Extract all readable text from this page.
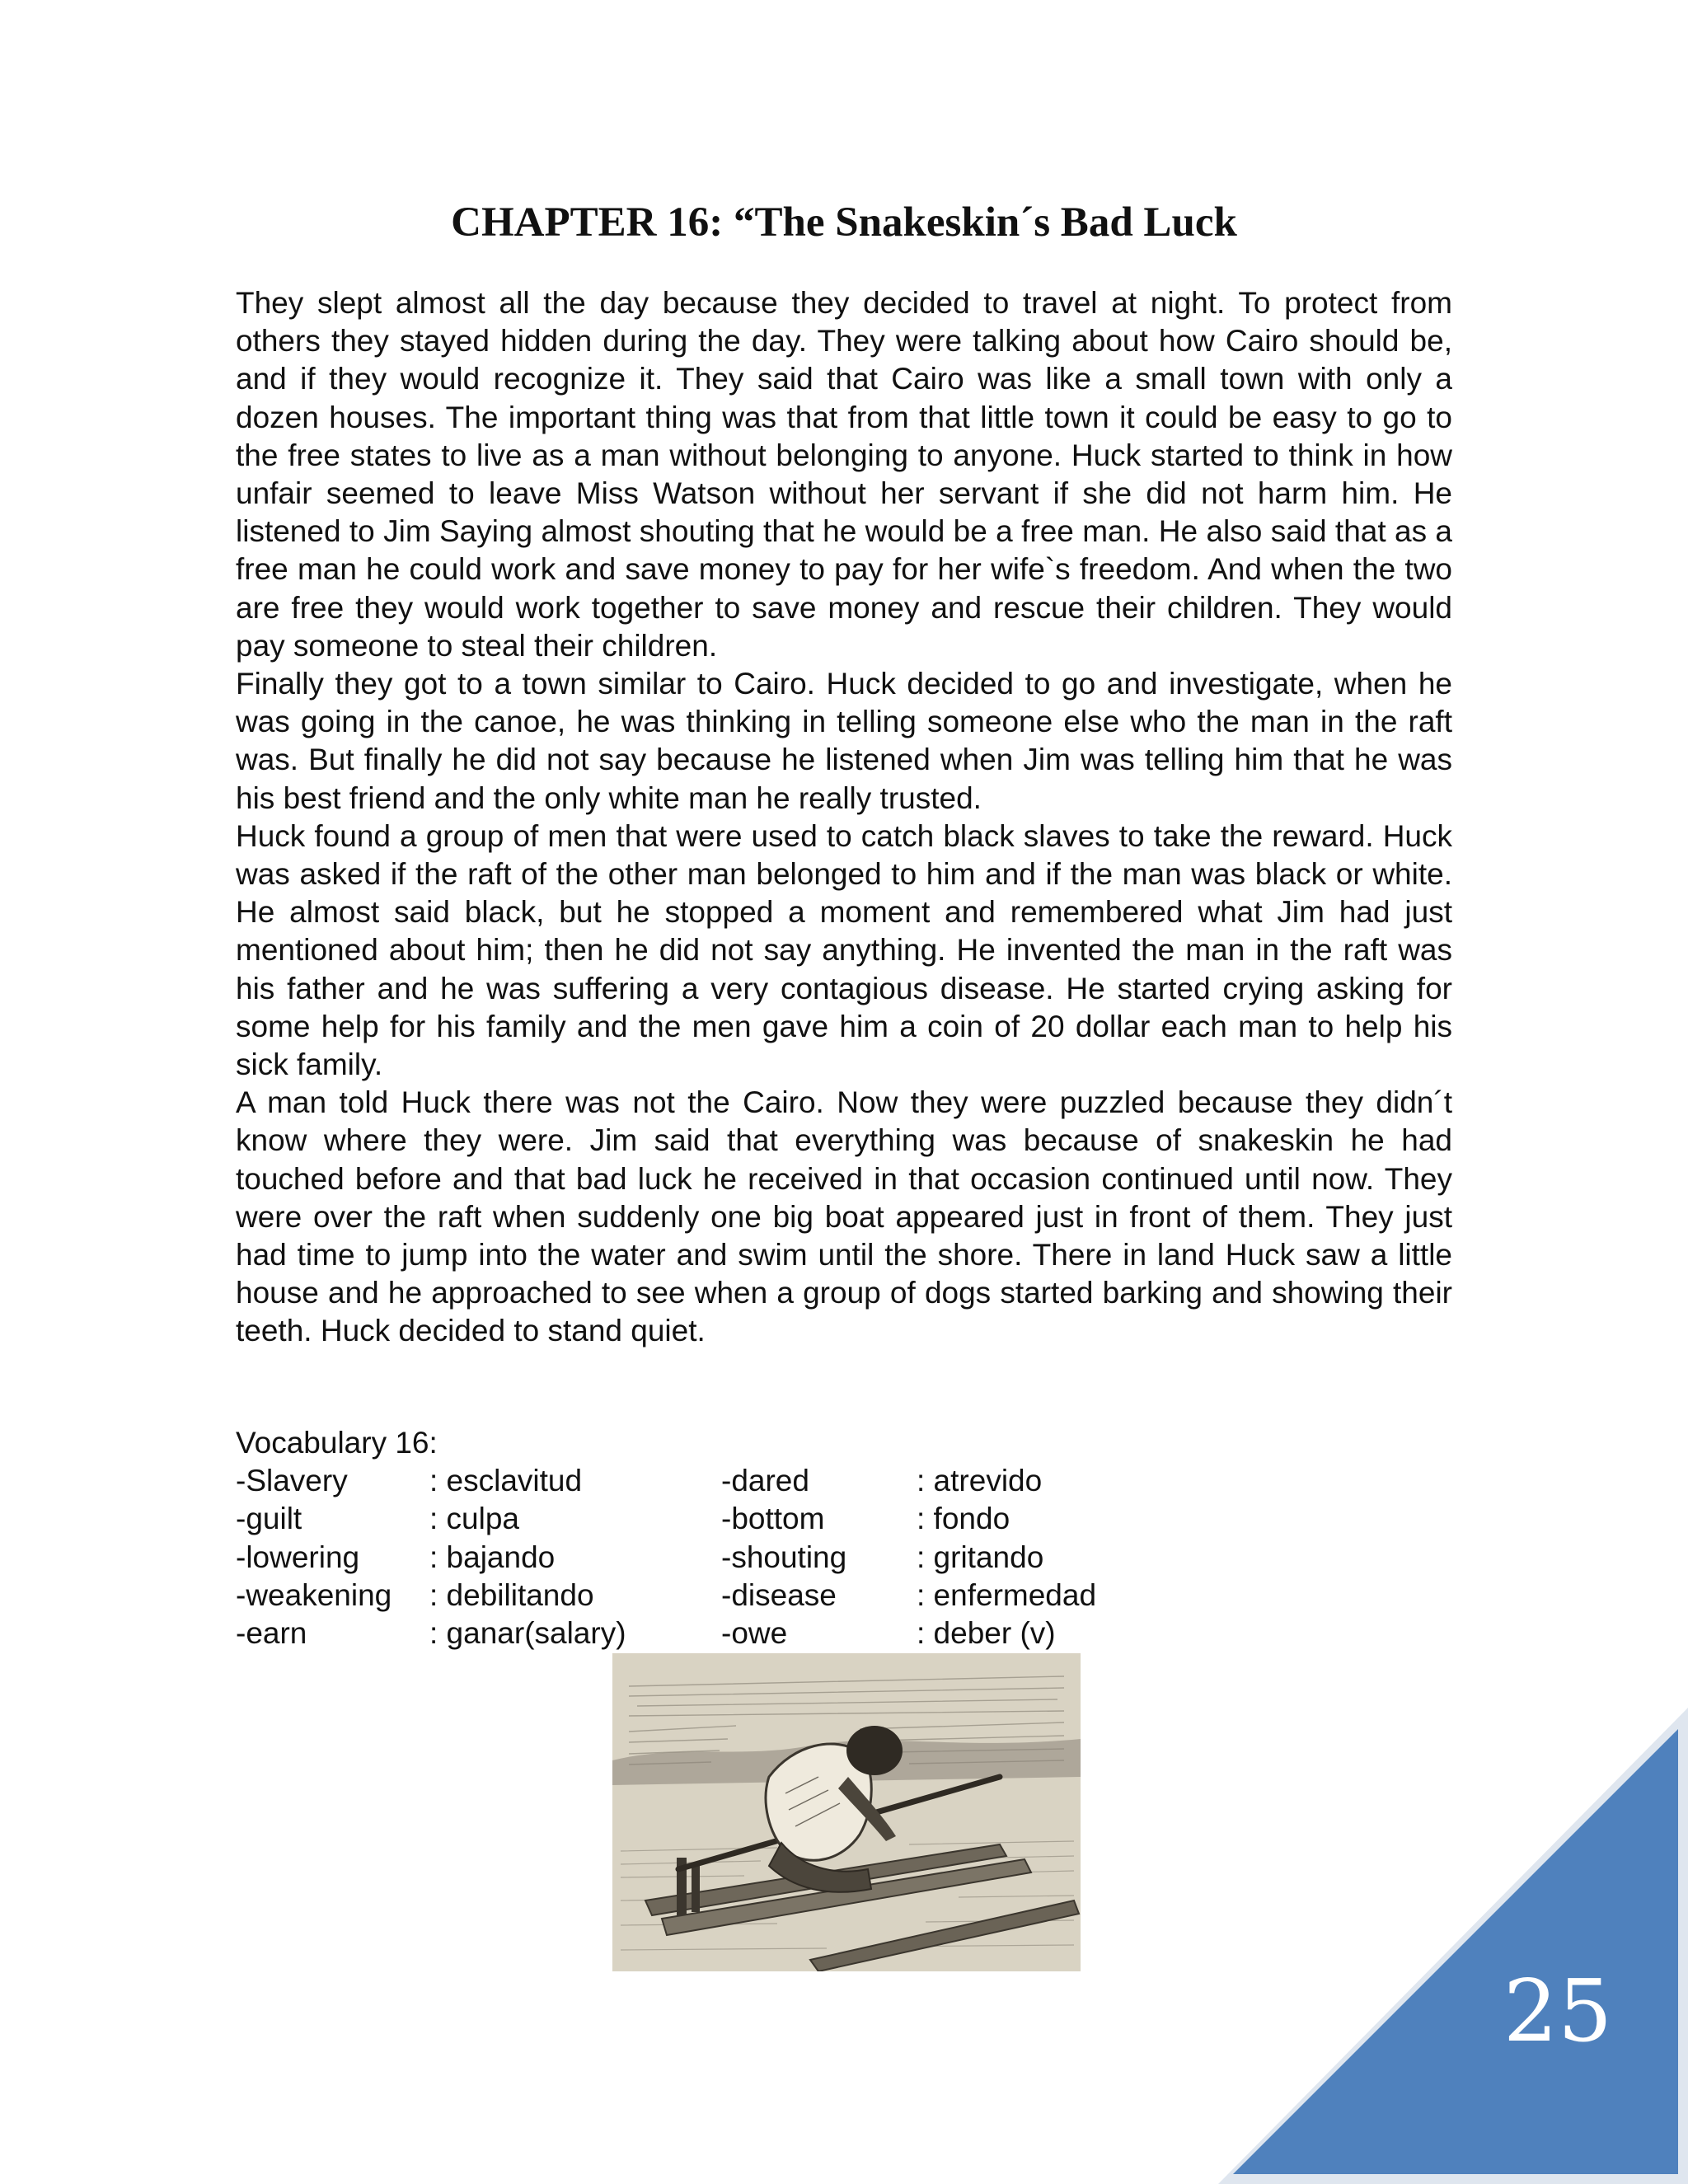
CHAPTER 16: “The Snakeskin´s Bad Luck

They slept almost all the day because they decided to travel at night. To protect from others they stayed hidden during the day. They were talking about how Cairo should be, and if they would recognize it. They said that Cairo was like a small town with only a dozen houses. The important thing was that from that little town it could be easy to go to the free states to live as a man without belonging to anyone. Huck started to think in how unfair seemed to leave Miss Watson without her servant if she did not harm him. He listened to Jim Saying almost shouting that he would be a free man. He also said that as a free man he could work and save money to pay for her wife`s freedom. And when the two are free they would work together to save money and rescue their children. They would pay someone to steal their children.

Finally they got to a town similar to Cairo. Huck decided to go and investigate, when he was going in the canoe, he was thinking in telling someone else who the man in the raft was. But finally he did not say because he listened when Jim was telling him that he was his best friend and the only white man he really trusted.

Huck found a group of men that were used to catch black slaves to take the reward. Huck was asked if the raft of the other man belonged to him and if the man was black or white. He almost said black, but he stopped a moment and remembered what Jim had just mentioned about him; then he did not say anything. He invented the man in the raft was his father and he was suffering a very contagious disease. He started crying asking for some help for his family and the men gave him a coin of 20 dollar each man to help his sick family.

A man told Huck there was not the Cairo. Now they were puzzled because they didn´t know where they were. Jim said that everything was because of snakeskin he had touched before and that bad luck he received in that occasion continued until now. They were over the raft when suddenly one big boat appeared just in front of them. They just had time to jump into the water and swim until the shore. There in land Huck saw a little house and he approached to see when a group of dogs started barking and showing their teeth. Huck decided to stand quiet.

Vocabulary 16:

-Slavery	: esclavitud	-dared	: atrevido
-guilt	: culpa	-bottom	: fondo
-lowering	: bajando	-shouting	: gritando
-weakening	: debilitando	-disease	: enfermedad
-earn	: ganar(salary)	-owe	: deber (v)
25
